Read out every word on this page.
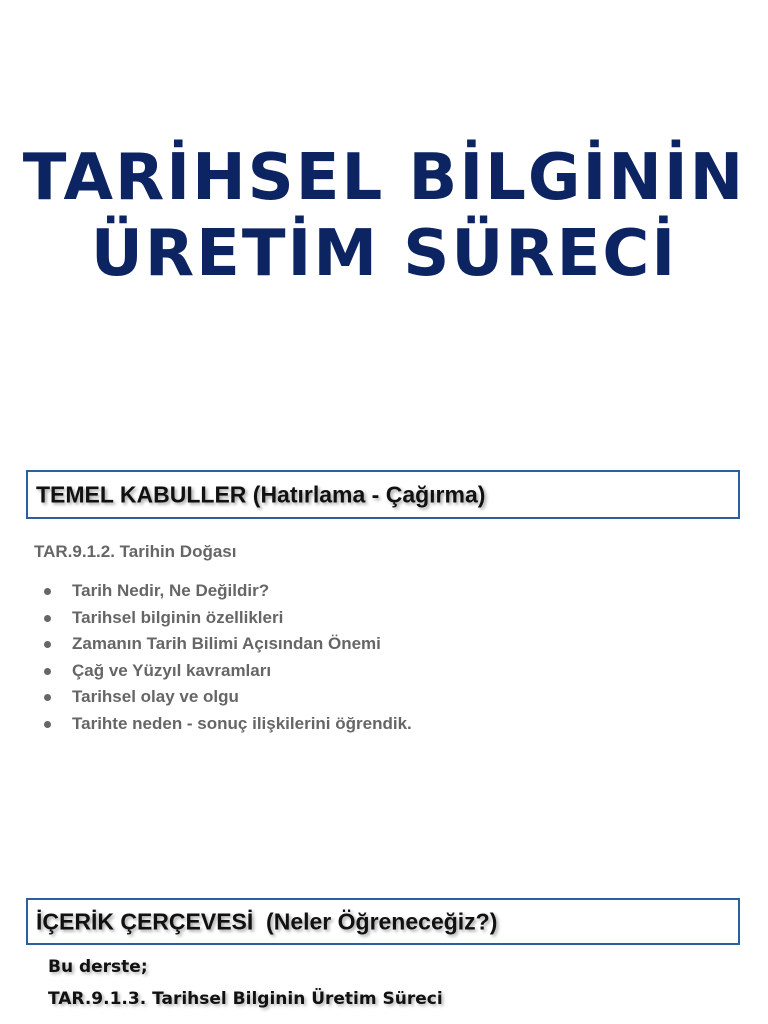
TARİHSEL BİLGİNİN
ÜRETİM SÜRECİ
TEMEL KABULLER (Hatırlama - Çağırma)

TAR.9.1.2. Tarihin Doğası

Tarih Nedir, Ne Değildir?
Tarihsel bilginin özellikleri
Zamanın Tarih Bilimi Açısından Önemi
Çağ ve Yüzyıl kavramları
Tarihsel olay ve olgu
Tarihte neden - sonuç ilişkilerini öğrendik.
İÇERİK ÇERÇEVESİ  (Neler Öğreneceğiz?)
Bu derste;
TAR.9.1.3. Tarihsel Bilginin Üretim Süreci
